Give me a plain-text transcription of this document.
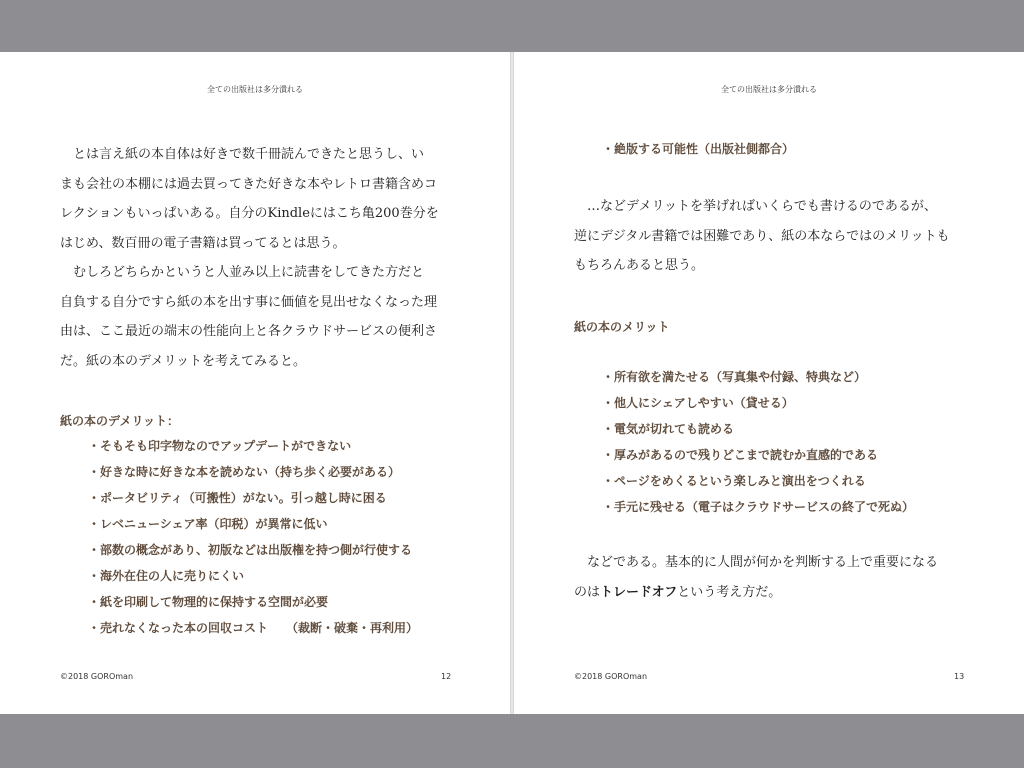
全ての出版社は多分潰れる

とは言え紙の本自体は好きで数千冊読んできたと思うし、い
まも会社の本棚には過去買ってきた好きな本やレトロ書籍含めコ
レクションもいっぱいある。自分のKindleにはこち亀200巻分を
はじめ、数百冊の電子書籍は買ってるとは思う。

むしろどちらかというと人並み以上に読書をしてきた方だと
自負する自分ですら紙の本を出す事に価値を見出せなくなった理
由は、ここ最近の端末の性能向上と各クラウドサービスの便利さ
だ。紙の本のデメリットを考えてみると。

紙の本のデメリット：
・そもそも印字物なのでアップデートができない
・好きな時に好きな本を読めない（持ち歩く必要がある）
・ポータビリティ（可搬性）がない。引っ越し時に困る
・レベニューシェア率（印税）が異常に低い
・部数の概念があり、初版などは出版権を持つ側が行使する
・海外在住の人に売りにくい
・紙を印刷して物理的に保持する空間が必要
・売れなくなった本の回収コスト　　（裁断・破棄・再利用）
©2018 GOROman	12
全ての出版社は多分潰れる
・絶版する可能性（出版社側都合）

…などデメリットを挙げればいくらでも書けるのであるが、
逆にデジタル書籍では困難であり、紙の本ならではのメリットも
もちろんあると思う。

紙の本のメリット
・所有欲を満たせる（写真集や付録、特典など）
・他人にシェアしやすい（貸せる）
・電気が切れても読める
・厚みがあるので残りどこまで読むか直感的である
・ページをめくるという楽しみと演出をつくれる
・手元に残せる（電子はクラウドサービスの終了で死ぬ）

などである。基本的に人間が何かを判断する上で重要になる

のはトレードオフという考え方だ。

©2018 GOROman	13
